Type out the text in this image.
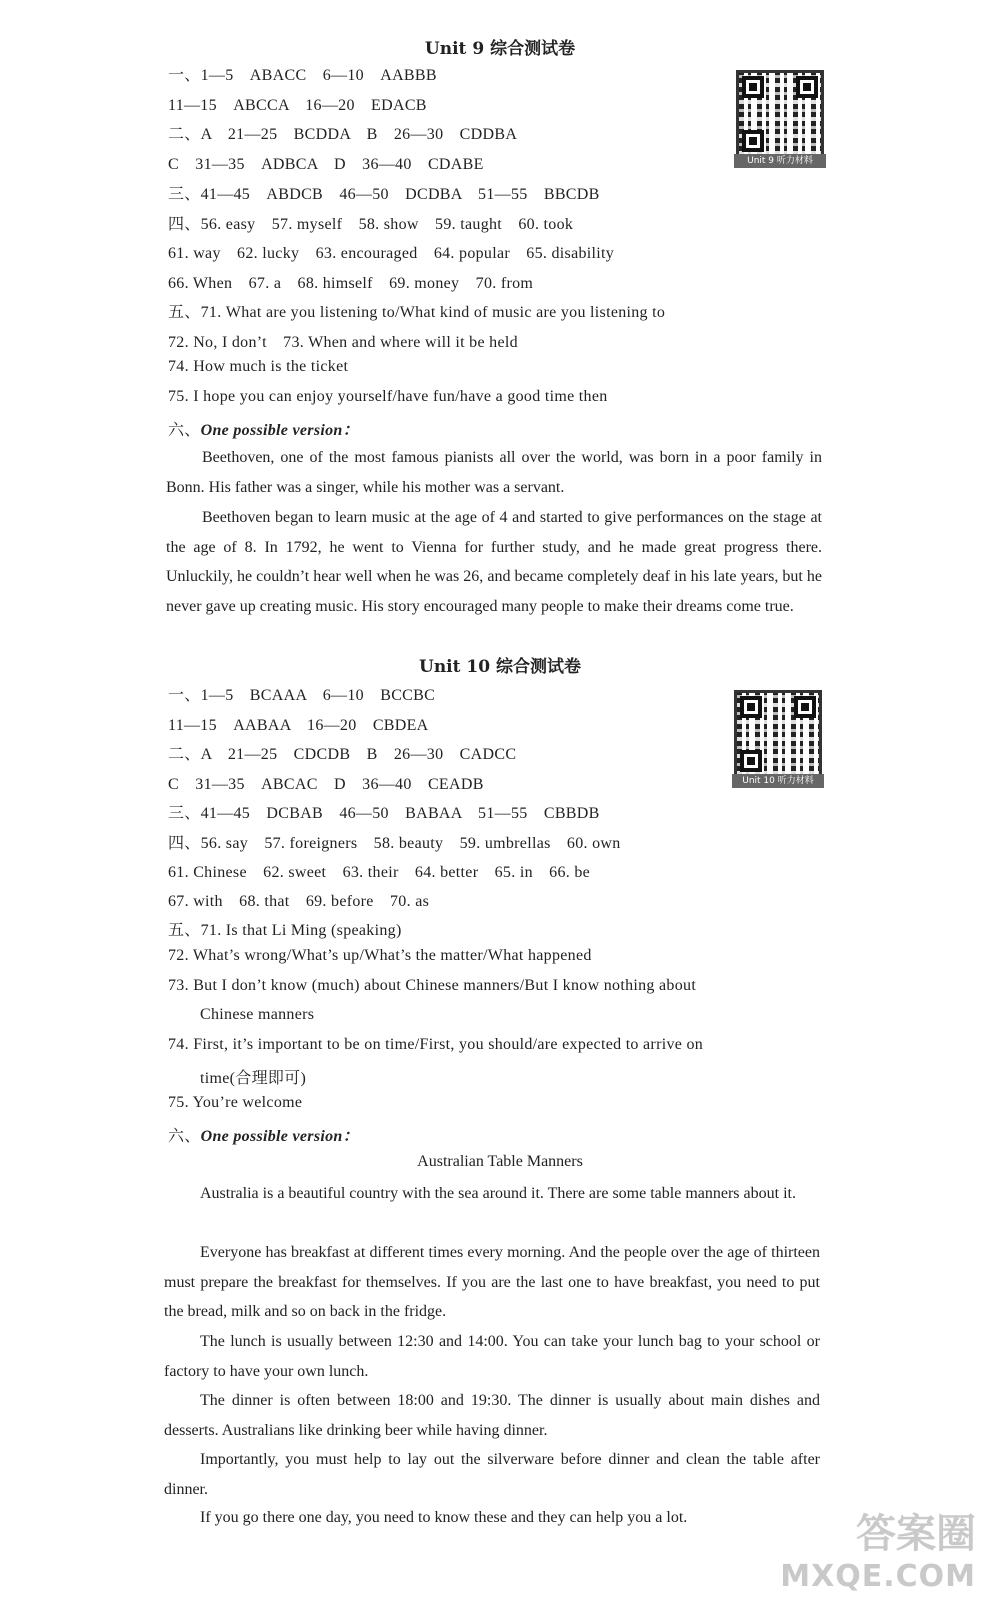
Unit 9 综合测试卷
一、1—5　ABACC　6—10　AABBB
11—15　ABCCA　16—20　EDACB
二、A　21—25　BCDDA　B　26—30　CDDBA
C　31—35　ADBCA　D　36—40　CDABE
三、41—45　ABDCB　46—50　DCDBA　51—55　BBCDB
四、56. easy　57. myself　58. show　59. taught　60. took
61. way　62. lucky　63. encouraged　64. popular　65. disability
66. When　67. a　68. himself　69. money　70. from
五、71. What are you listening to/What kind of music are you listening to
72. No, I don’t　73. When and where will it be held
74. How much is the ticket
75. I hope you can enjoy yourself/have fun/have a good time then
六、One possible version：
Beethoven, one of the most famous pianists all over the world, was born in a poor family in Bonn. His father was a singer, while his mother was a servant.
Beethoven began to learn music at the age of 4 and started to give performances on the stage at the age of 8. In 1792, he went to Vienna for further study, and he made great progress there. Unluckily, he couldn’t hear well when he was 26, and became completely deaf in his late years, but he never gave up creating music. His story encouraged many people to make their dreams come true.
Unit 9 听力材料
Unit 10 综合测试卷
一、1—5　BCAAA　6—10　BCCBC
11—15　AABAA　16—20　CBDEA
二、A　21—25　CDCDB　B　26—30　CADCC
C　31—35　ABCAC　D　36—40　CEADB
三、41—45　DCBAB　46—50　BABAA　51—55　CBBDB
四、56. say　57. foreigners　58. beauty　59. umbrellas　60. own
61. Chinese　62. sweet　63. their　64. better　65. in　66. be
67. with　68. that　69. before　70. as
五、71. Is that Li Ming (speaking)
72. What’s wrong/What’s up/What’s the matter/What happened
73. But I don’t know (much) about Chinese manners/But I know nothing about
Chinese manners
74. First, it’s important to be on time/First, you should/are expected to arrive on
time(合理即可)
75. You’re welcome
六、One possible version：
Australian Table Manners
Australia is a beautiful country with the sea around it. There are some table manners about it.
Everyone has breakfast at different times every morning. And the people over the age of thirteen must prepare the breakfast for themselves. If you are the last one to have breakfast, you need to put the bread, milk and so on back in the fridge.
The lunch is usually between 12:30 and 14:00. You can take your lunch bag to your school or factory to have your own lunch.
The dinner is often between 18:00 and 19:30. The dinner is usually about main dishes and desserts. Australians like drinking beer while having dinner.
Importantly, you must help to lay out the silverware before dinner and clean the table after dinner.
If you go there one day, you need to know these and they can help you a lot.
Unit 10 听力材料
答案圈
MXQE.COM
